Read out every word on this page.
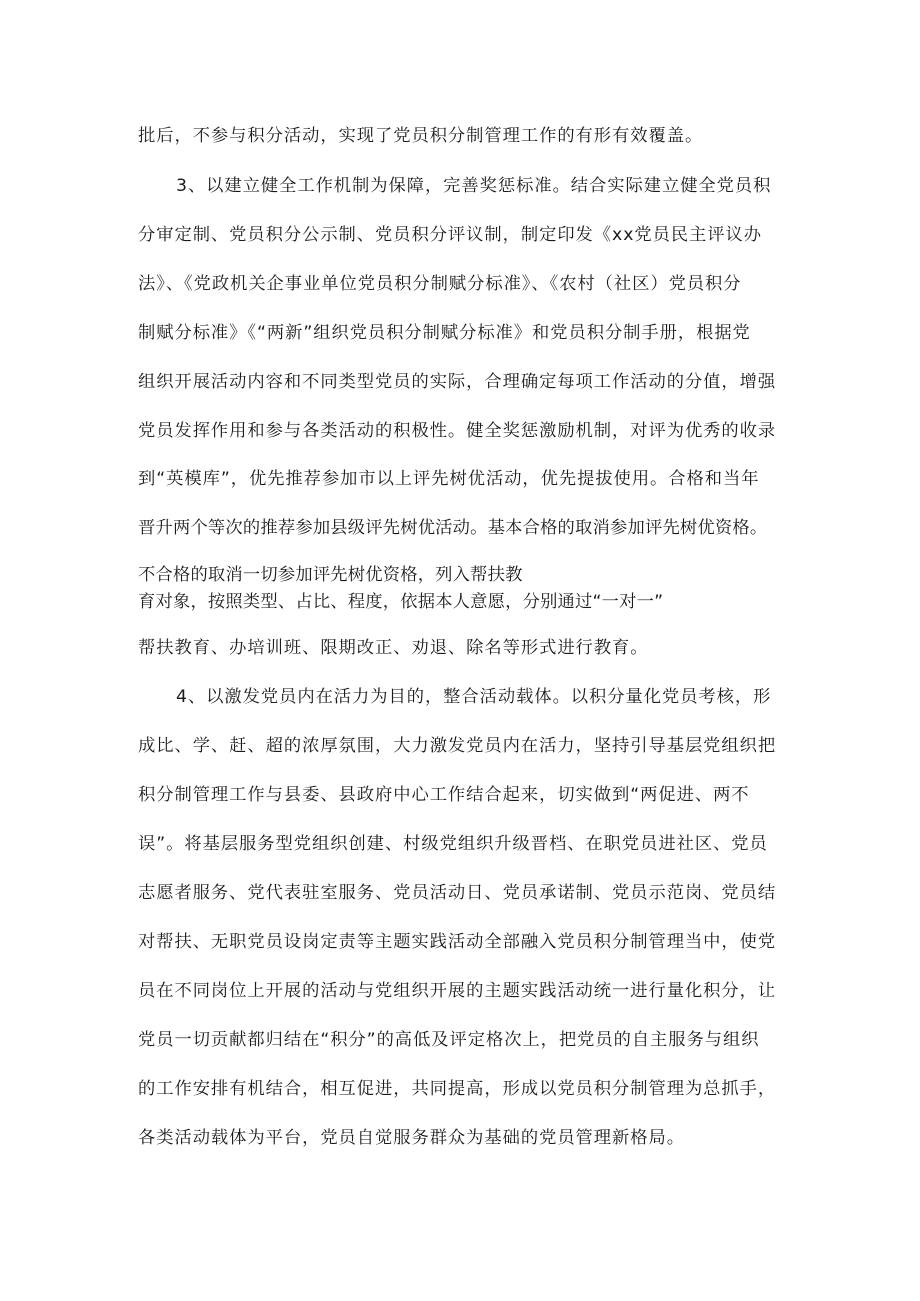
批后，不参与积分活动，实现了党员积分制管理工作的有形有效覆盖。
3、以建立健全工作机制为保障，完善奖惩标准。结合实际建立健全党员积
分审定制、党员积分公示制、党员积分评议制，制定印发《xx党员民主评议办
法》、《党政机关企事业单位党员积分制赋分标准》、《农村（社区）党员积分
制赋分标准》《“两新”组织党员积分制赋分标准》和党员积分制手册，根据党
组织开展活动内容和不同类型党员的实际，合理确定每项工作活动的分值，增强
党员发挥作用和参与各类活动的积极性。健全奖惩激励机制，对评为优秀的收录
到“英模库”，优先推荐参加市以上评先树优活动，优先提拔使用。合格和当年
晋升两个等次的推荐参加县级评先树优活动。基本合格的取消参加评先树优资格。
不合格的取消一切参加评先树优资格，列入帮扶教
育对象，按照类型、占比、程度，依据本人意愿，分别通过“一对一”
帮扶教育、办培训班、限期改正、劝退、除名等形式进行教育。
4、以激发党员内在活力为目的，整合活动载体。以积分量化党员考核，形
成比、学、赶、超的浓厚氛围，大力激发党员内在活力，坚持引导基层党组织把
积分制管理工作与县委、县政府中心工作结合起来，切实做到“两促进、两不
误”。将基层服务型党组织创建、村级党组织升级晋档、在职党员进社区、党员
志愿者服务、党代表驻室服务、党员活动日、党员承诺制、党员示范岗、党员结
对帮扶、无职党员设岗定责等主题实践活动全部融入党员积分制管理当中，使党
员在不同岗位上开展的活动与党组织开展的主题实践活动统一进行量化积分，让
党员一切贡献都归结在“积分”的高低及评定格次上，把党员的自主服务与组织
的工作安排有机结合，相互促进，共同提高，形成以党员积分制管理为总抓手，
各类活动载体为平台，党员自觉服务群众为基础的党员管理新格局。
